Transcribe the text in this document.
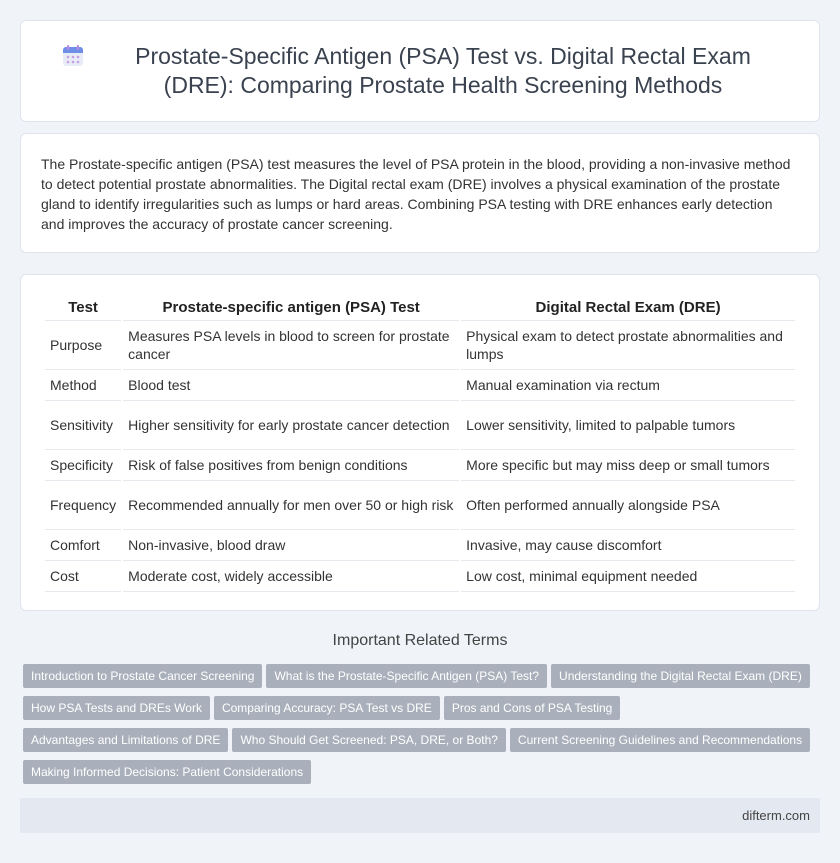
Prostate-Specific Antigen (PSA) Test vs. Digital Rectal Exam (DRE): Comparing Prostate Health Screening Methods

The Prostate-specific antigen (PSA) test measures the level of PSA protein in the blood, providing a non-invasive method to detect potential prostate abnormalities. The Digital rectal exam (DRE) involves a physical examination of the prostate gland to identify irregularities such as lumps or hard areas. Combining PSA testing with DRE enhances early detection and improves the accuracy of prostate cancer screening.

Test	Prostate-specific antigen (PSA) Test	Digital Rectal Exam (DRE)
Purpose	Measures PSA levels in blood to screen for prostate cancer	Physical exam to detect prostate abnormalities and lumps
Method	Blood test	Manual examination via rectum
Sensitivity	Higher sensitivity for early prostate cancer detection	Lower sensitivity, limited to palpable tumors
Specificity	Risk of false positives from benign conditions	More specific but may miss deep or small tumors
Frequency	Recommended annually for men over 50 or high risk	Often performed annually alongside PSA
Comfort	Non-invasive, blood draw	Invasive, may cause discomfort
Cost	Moderate cost, widely accessible	Low cost, minimal equipment needed
Important Related Terms
Introduction to Prostate Cancer Screening What is the Prostate-Specific Antigen (PSA) Test? Understanding the Digital Rectal Exam (DRE)How PSA Tests and DREs Work Comparing Accuracy: PSA Test vs DRE Pros and Cons of PSA TestingAdvantages and Limitations of DRE Who Should Get Screened: PSA, DRE, or Both? Current Screening Guidelines and RecommendationsMaking Informed Decisions: Patient Considerations
difterm.com
